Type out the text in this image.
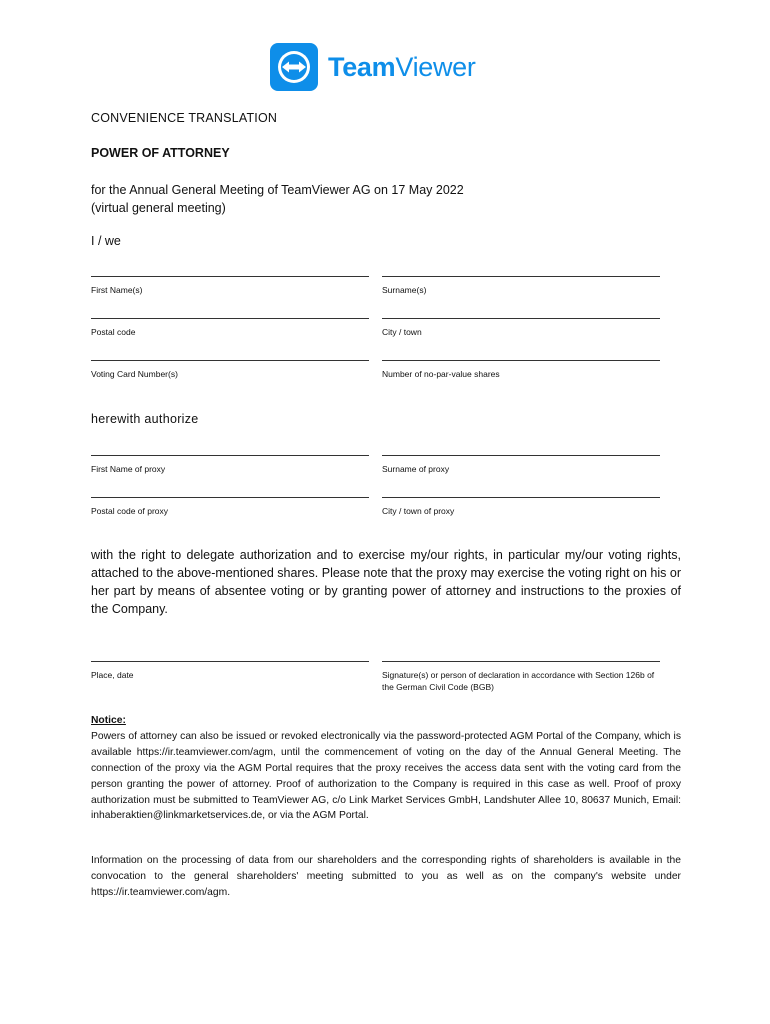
TeamViewer
CONVENIENCE TRANSLATION
POWER OF ATTORNEY
for the Annual General Meeting of TeamViewer AG on 17 May 2022
(virtual general meeting)
I / we
First Name(s)	Surname(s)
Postal code	City / town
Voting Card Number(s)	Number of no-par-value shares
herewith authorize
First Name of proxy	Surname of proxy
Postal code of proxy	City / town of proxy
with the right to delegate authorization and to exercise my/our rights, in particular my/our voting rights, attached to the above-mentioned shares. Please note that the proxy may exercise the voting right on his or her part by means of absentee voting or by granting power of attorney and instructions to the proxies of the Company.
Place, date	Signature(s) or person of declaration in accordance with Section 126b of the German Civil Code (BGB)
Notice:
Powers of attorney can also be issued or revoked electronically via the password-protected AGM Portal of the Company, which is available https://ir.teamviewer.com/agm, until the commencement of voting on the day of the Annual General Meeting. The connection of the proxy via the AGM Portal requires that the proxy receives the access data sent with the voting card from the person granting the power of attorney. Proof of authorization to the Company is required in this case as well. Proof of proxy authorization must be submitted to TeamViewer AG, c/o Link Market Services GmbH, Landshuter Allee 10, 80637 Munich, Email: inhaberaktien@linkmarketservices.de, or via the AGM Portal.
Information on the processing of data from our shareholders and the corresponding rights of shareholders is available in the convocation to the general shareholders' meeting submitted to you as well as on the company's website under https://ir.teamviewer.com/agm.
